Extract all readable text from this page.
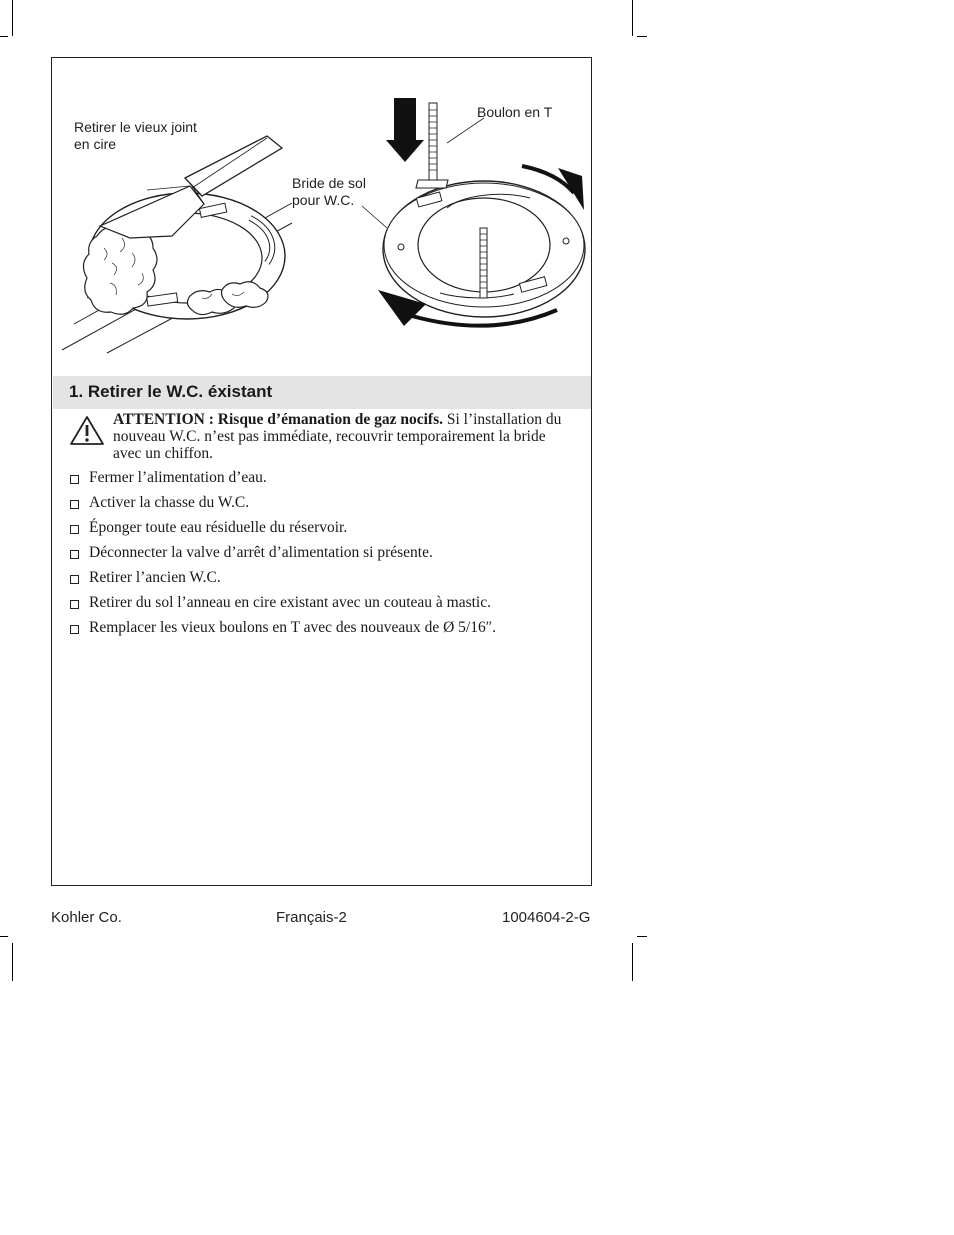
Retirer le vieux joint
en cire
Bride de sol
pour W.C.
Boulon en T
1. Retirer le W.C. éxistant
ATTENTION : Risque d’émanation de gaz nocifs. Si l’installation du nouveau W.C. n’est pas immédiate, recouvrir temporairement la bride avec un chiffon.
Fermer l’alimentation d’eau.
Activer la chasse du W.C.
Éponger toute eau résiduelle du réservoir.
Déconnecter la valve d’arrêt d’alimentation si présente.
Retirer l’ancien W.C.
Retirer du sol l’anneau en cire existant avec un couteau à mastic.
Remplacer les vieux boulons en T avec des nouveaux de Ø 5/16″.
Kohler Co.	Français-2	1004604-2-G
